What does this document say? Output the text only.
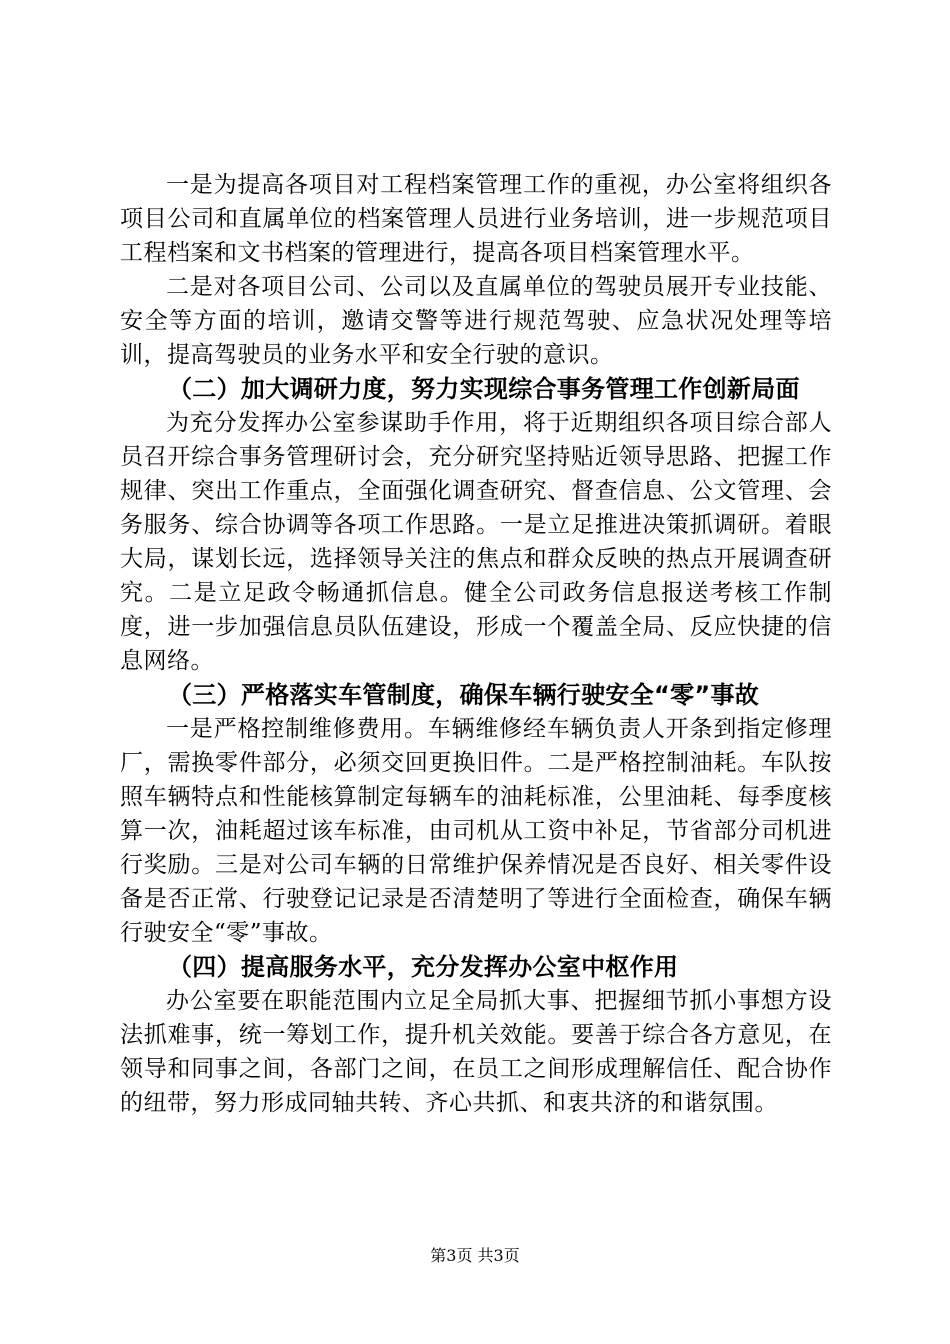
一是为提高各项目对工程档案管理工作的重视，办公室将组织各项目公司和直属单位的档案管理人员进行业务培训，进一步规范项目工程档案和文书档案的管理进行，提高各项目档案管理水平。

二是对各项目公司、公司以及直属单位的驾驶员展开专业技能、安全等方面的培训，邀请交警等进行规范驾驶、应急状况处理等培训，提高驾驶员的业务水平和安全行驶的意识。

（二）加大调研力度，努力实现综合事务管理工作创新局面

为充分发挥办公室参谋助手作用，将于近期组织各项目综合部人员召开综合事务管理研讨会，充分研究坚持贴近领导思路、把握工作规律、突出工作重点，全面强化调查研究、督查信息、公文管理、会务服务、综合协调等各项工作思路。一是立足推进决策抓调研。着眼大局，谋划长远，选择领导关注的焦点和群众反映的热点开展调查研究。二是立足政令畅通抓信息。健全公司政务信息报送考核工作制度，进一步加强信息员队伍建设，形成一个覆盖全局、反应快捷的信息网络。

（三）严格落实车管制度，确保车辆行驶安全“零”事故

一是严格控制维修费用。车辆维修经车辆负责人开条到指定修理厂，需换零件部分，必须交回更换旧件。二是严格控制油耗。车队按照车辆特点和性能核算制定每辆车的油耗标准，公里油耗、每季度核算一次，油耗超过该车标准，由司机从工资中补足，节省部分司机进行奖励。三是对公司车辆的日常维护保养情况是否良好、相关零件设备是否正常、行驶登记记录是否清楚明了等进行全面检查，确保车辆行驶安全“零”事故。

（四）提高服务水平，充分发挥办公室中枢作用

办公室要在职能范围内立足全局抓大事、把握细节抓小事想方设法抓难事，统一筹划工作，提升机关效能。要善于综合各方意见，在领导和同事之间，各部门之间，在员工之间形成理解信任、配合协作的纽带，努力形成同轴共转、齐心共抓、和衷共济的和谐氛围。

第3页 共3页
